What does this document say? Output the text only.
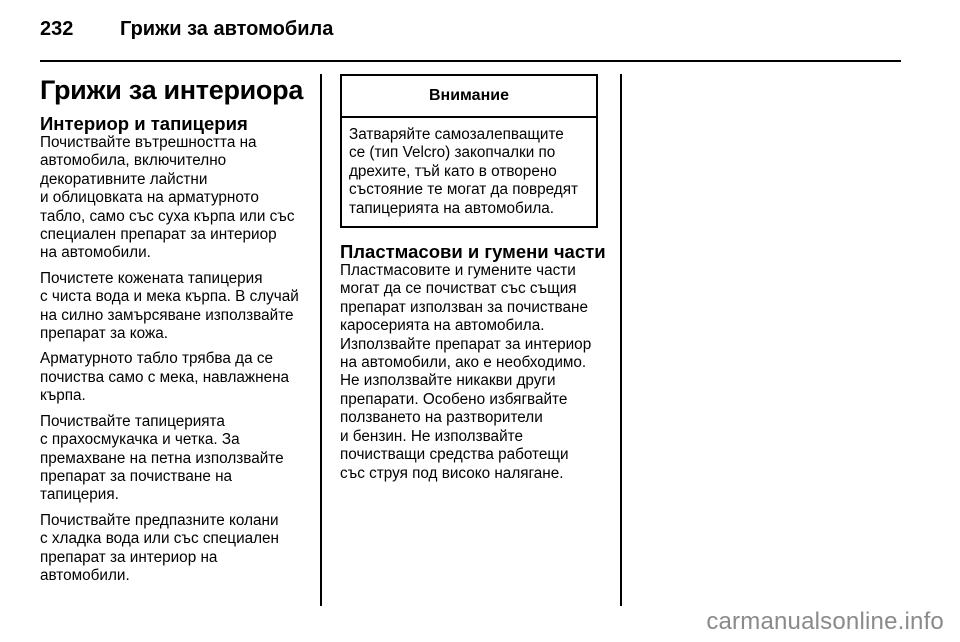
232 Грижи за автомобила
Грижи за интериора
Интериор и тапицерия

Почиствайте вътрешността на
автомобила, включително
декоративните лайстни
и облицовката на арматурното
табло, само със суха кърпа или със
специален препарат за интериор
на автомобили.

Почистете кожената тапицерия
с чиста вода и мека кърпа. В случай
на силно замърсяване използвайте
препарат за кожа.

Арматурното табло трябва да се
почиства само с мека, навлажнена
кърпа.

Почиствайте тапицерията
с прахосмукачка и четка. За
премахване на петна използвайте
препарат за почистване на
тапицерия.

Почиствайте предпазните колани
с хладка вода или със специален
препарат за интериор на
автомобили.

Внимание
Затваряйте самозалепващите
се (тип Velcro) закопчалки по
дрехите, тъй като в отворено
състояние те могат да повредят
тапицерията на автомобила.
Пластмасови и гумени части

Пластмасовите и гумените части
могат да се почистват със същия
препарат използван за почистване
каросерията на автомобила.
Използвайте препарат за интериор
на автомобили, ако е необходимо.
Не използвайте никакви други
препарати. Особено избягвайте
ползването на разтворители
и бензин. Не използвайте
почистващи средства работещи
със струя под високо налягане.

carmanualsonline.info
